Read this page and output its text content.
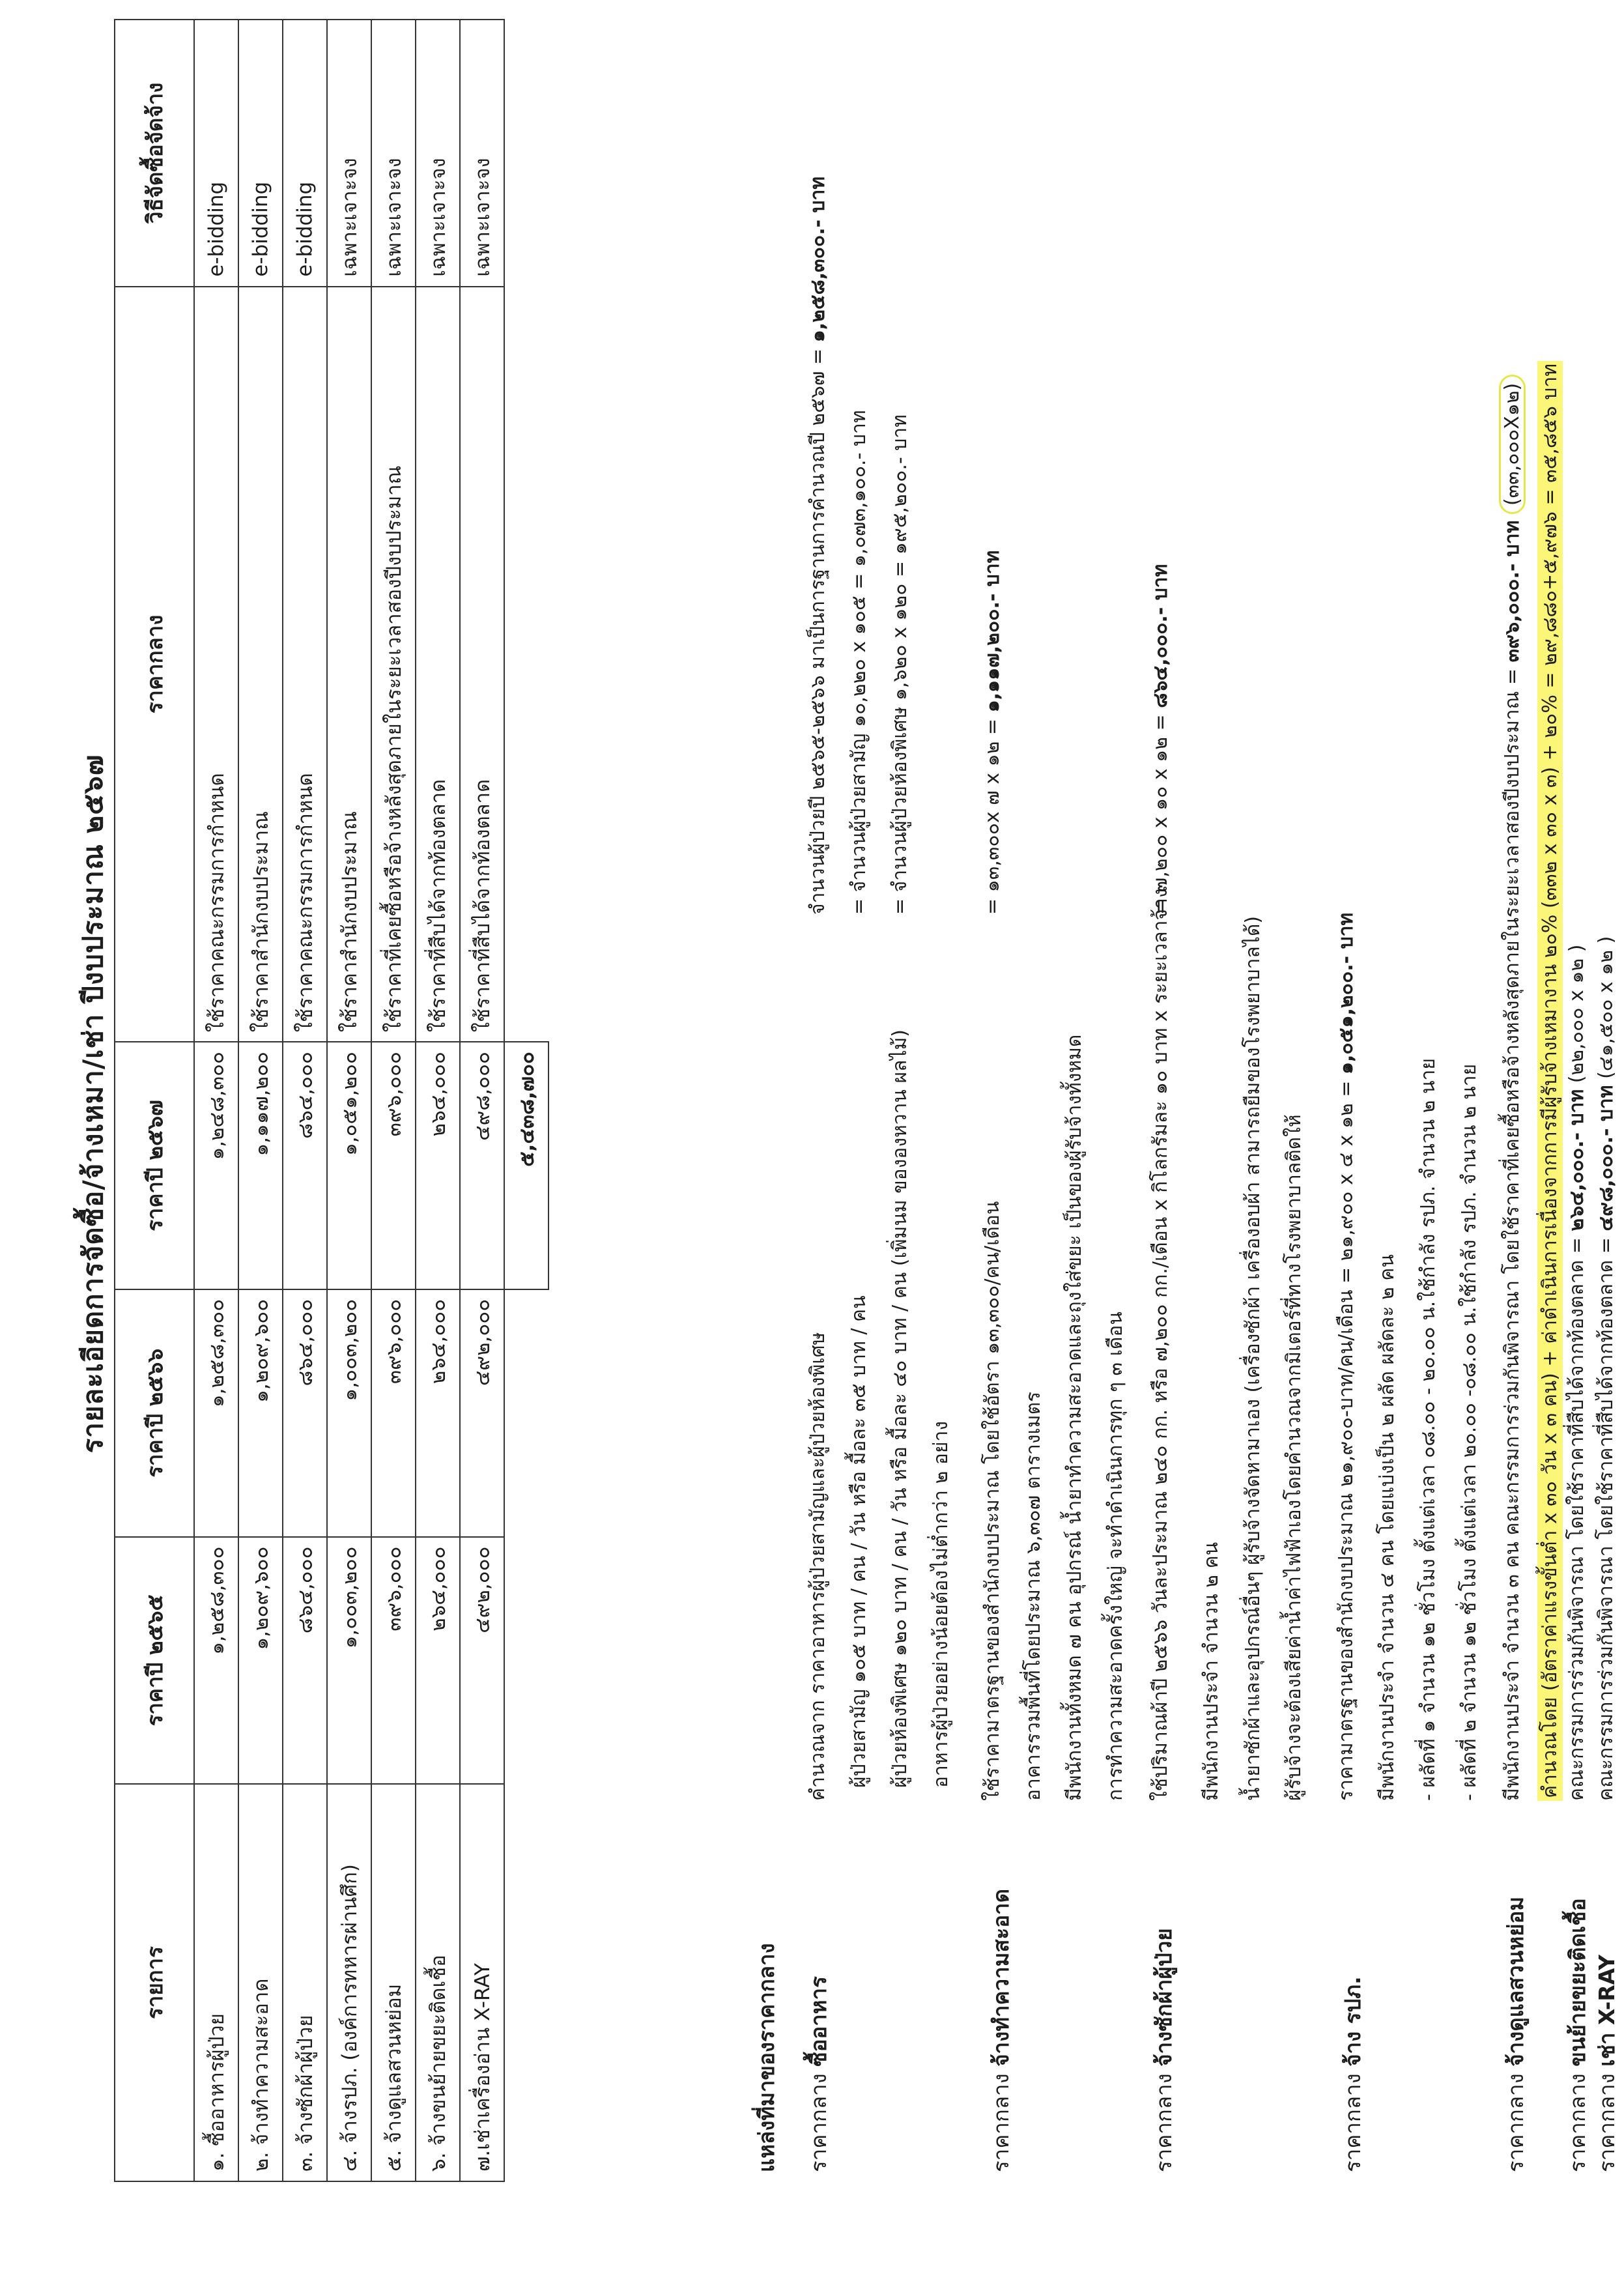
รายละเอียดการจัดซื้อ/จ้างเหมา/เช่า ปีงบประมาณ ๒๕๖๗
รายการ	ราคาปี ๒๕๖๕	ราคาปี ๒๕๖๖	ราคาปี ๒๕๖๗	ราคากลาง	วิธีจัดซื้อจัดจ้าง
๑. ซื้ออาหารผู้ป่วย	๑,๒๕๘,๓๐๐	๑,๒๕๘,๓๐๐	๑,๒๔๘,๓๐๐	ใช้ราคาคณะกรรมการกำหนด	e-bidding
๒. จ้างทำความสะอาด	๑,๒๐๙,๖๐๐	๑,๒๐๙,๖๐๐	๑,๑๑๗,๒๐๐	ใช้ราคาสำนักงบประมาณ	e-bidding
๓. จ้างซักผ้าผู้ป่วย	๘๖๔,๐๐๐	๘๖๔,๐๐๐	๘๖๔,๐๐๐	ใช้ราคาคณะกรรมการกำหนด	e-bidding
๔. จ้างรปภ. (องค์การทหารผ่านศึก)	๑,๐๐๓,๒๐๐	๑,๐๐๓,๒๐๐	๑,๐๕๑,๒๐๐	ใช้ราคาสำนักงบประมาณ	เฉพาะเจาะจง
๕. จ้างดูแลสวนหย่อม	๓๙๖,๐๐๐	๓๙๖,๐๐๐	๓๙๖,๐๐๐	ใช้ราคาที่เคยซื้อหรือจ้างหลังสุดภายในระยะเวลาสองปีงบประมาณ	เฉพาะเจาะจง
๖. จ้างขนย้ายขยะติดเชื้อ	๒๖๔,๐๐๐	๒๖๔,๐๐๐	๒๖๔,๐๐๐	ใช้ราคาที่สืบได้จากท้องตลาด	เฉพาะเจาะจง
๗.เช่าเครื่องอ่าน X-RAY	๔๙๒,๐๐๐	๔๙๒,๐๐๐	๔๙๘,๐๐๐	ใช้ราคาที่สืบได้จากท้องตลาด	เฉพาะเจาะจง
			๕,๔๓๘,๗๐๐		
แหล่งที่มาของราคากลาง ราคากลาง ซื้ออาหาร
คำนวณจาก ราคาอาหารผู้ป่วยสามัญและผู้ป่วยห้องพิเศษ ผู้ป่วยสามัญ ๑๐๕ บาท / คน / วัน หรือ มื้อละ ๓๕ บาท / คน ผู้ป่วยห้องพิเศษ ๑๒๐ บาท / คน / วัน หรือ มื้อละ ๔๐ บาท / คน (เพิ่มนม ขององหวาน ผลไม้) อาหารผู้ป่วยอย่างน้อยต้องไม่ต่ำกว่า ๒ อย่าง
จำนวนผู้ป่วยปี ๒๕๖๕-๒๕๖๖ มาเป็นการฐานการคำนวณปี ๒๕๖๗ = ๑,๒๕๘,๓๐๐.- บาท
= จำนวนผู้ป่วยสามัญ ๑๐,๒๒๐ x ๑๐๕ = ๑,๐๗๓,๑๐๐.- บาท = จำนวนผู้ป่วยห้องพิเศษ ๑,๖๒๐ x ๑๒๐ = ๑๙๕,๒๐๐.- บาท
ราคากลาง จ้างทำความสะอาด
ใช้ราคามาตรฐานของสำนักงบประมาณ โดยใช้อัตรา ๑๓,๓๐๐/คน/เดือน อาคารรวมพื้นที่โดยประมาณ ๖,๓๐๗ ตารางเมตร มีพนักงานทั้งหมด ๗ คน อุปกรณ์ น้ำยาทำความสะอาดและถุงใส่ขยะ เป็นของผู้รับจ้างทั้งหมด การทำความสะอาดครั้งใหญ่ จะทำดำเนินการทุก ๆ ๓ เดือน
= ๑๓,๓๐๐x ๗ x ๑๒ = ๑,๑๑๗,๒๐๐.- บาท
ราคากลาง จ้างซักผ้าผู้ป่วย
ใช้ปริมาณผ้าปี ๒๕๖๖ วันละประมาณ ๒๔๐ กก. หรือ ๗,๒๐๐ กก./เดือน x กิโลกรัมละ ๑๐ บาท x ระยะเวลาจ้าง มีพนักงานประจำ จำนวน ๒ คน น้ำยาซักผ้าและอุปกรณ์อื่นๆ ผู้รับจ้างจัดหามาเอง (เครื่องซักผ้า เครื่องอบผ้า สามารถยืมของโรงพยาบาลได้) ผู้รับจ้างจะต้องเสียค่าน้ำค่าไฟฟ้าเองโดยคำนวณจากมิเตอร์ที่ทางโรงพยาบาลติดให้
= ๗,๒๐๐ x ๑๐ x ๑๒ = ๘๖๔,๐๐๐.- บาท
ราคากลาง จ้าง รปภ.
ราคามาตรฐานของสำนักงบประมาณ ๒๑,๙๐๐-บาท/คน/เดือน = ๒๑,๙๐๐ x ๔ x ๑๒ = ๑,๐๕๑,๒๐๐.- บาท
มีพนักงานประจำ จำนวน ๔ คน โดยแบ่งเป็น ๒ ผลัด ผลัดละ ๒ คน - ผลัดที่ ๑ จำนวน ๑๒ ชั่วโมง ตั้งแต่เวลา ๐๘.๐๐ - ๒๐.๐๐ น.ใช้กำลัง รปภ. จำนวน ๒ นาย - ผลัดที่ ๒ จำนวน ๑๒ ชั่วโมง ตั้งแต่เวลา ๒๐.๐๐ -๐๘.๐๐ น.ใช้กำลัง รปภ. จำนวน ๒ นาย
ราคากลาง จ้างดูแลสวนหย่อม
มีพนักงานประจำ จำนวน ๓ คน คณะกรรมการร่วมกันพิจารณา โดยใช้ราคาที่เคยซื้อหรือจ้างหลังสุดภายในระยะเวลาสองปีงบประมาณ = ๓๙๖,๐๐๐.- บาท (๓๓,๐๐๐X๑๒) คำนวณโดย (อัตราค่าแรงขั้นต่ำ x ๓๐ วัน x ๓ คน) + ค่าดำเนินการเนื่องจากการมีผู้รับจ้างเหมางาน ๒๐% (๓๓๒ x ๓๐ x ๓) + ๒๐% = ๒๙,๘๘๐+๕,๙๗๖ = ๓๕,๘๕๖ บาท
ราคากลาง ขนย้ายขยะติดเชื้อ
คณะกรรมการร่วมกันพิจารณา โดยใช้ราคาที่สืบได้จากท้องตลาด = ๒๖๔,๐๐๐.- บาท (๒๒,๐๐๐ x ๑๒ )
ราคากลาง เช่า X-RAY
คณะกรรมการร่วมกันพิจารณา โดยใช้ราคาที่สืบได้จากท้องตลาด = ๔๙๘,๐๐๐.- บาท (๔๑,๕๐๐ x ๑๒ )
